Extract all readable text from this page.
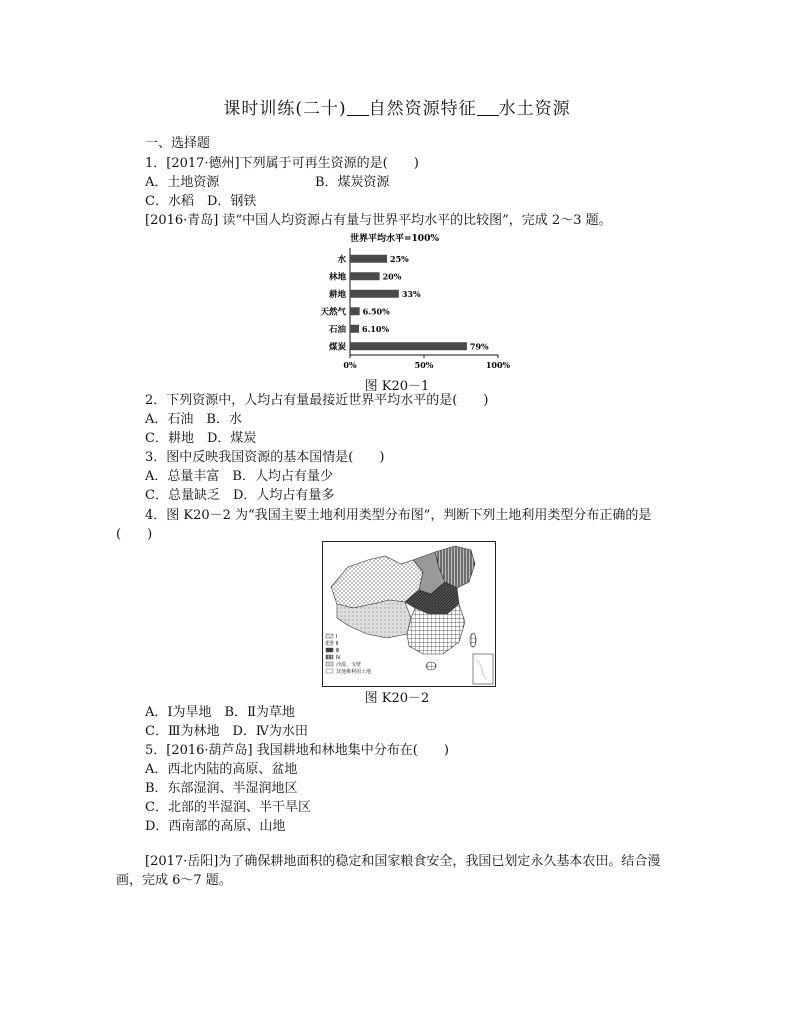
课时训练(二十) 自然资源特征 水土资源
一、选择题
1．[2017·德州]下列属于可再生资源的是(　　)
A．土地资源	B．煤炭资源
C．水稻　D．钢铁
[2016·青岛] 读“中国人均资源占有量与世界平均水平的比较图”，完成 2～3 题。
世界平均水平=100%
水	25%
林地	20%
耕地	33%
天然气 6.50%
石油 6.10%
煤炭	79%
0%	50%	100%
图 K20－1
2．下列资源中，人均占有量最接近世界平均水平的是(　　)
A．石油　B．水
C．耕地　D．煤炭
3．图中反映我国资源的基本国情是(　　)
A．总量丰富　B．人均占有量少
C．总量缺乏　D．人均占有量多
4．图 K20－2 为“我国主要土地利用类型分布图”，判断下列土地利用类型分布正确的是
(　　)
Ⅰ
Ⅱ
Ⅲ
Ⅳ
沙漠、戈壁
其他难利用土地
图 K20－2
A．Ⅰ为旱地　B．Ⅱ为草地
C．Ⅲ为林地　D．Ⅳ为水田
5．[2016·葫芦岛] 我国耕地和林地集中分布在(　　)
A．西北内陆的高原、盆地
B．东部湿润、半湿润地区
C．北部的半湿润、半干旱区
D．西南部的高原、山地
[2017·岳阳]为了确保耕地面积的稳定和国家粮食安全，我国已划定永久基本农田。结合漫
画，完成 6～7 题。
